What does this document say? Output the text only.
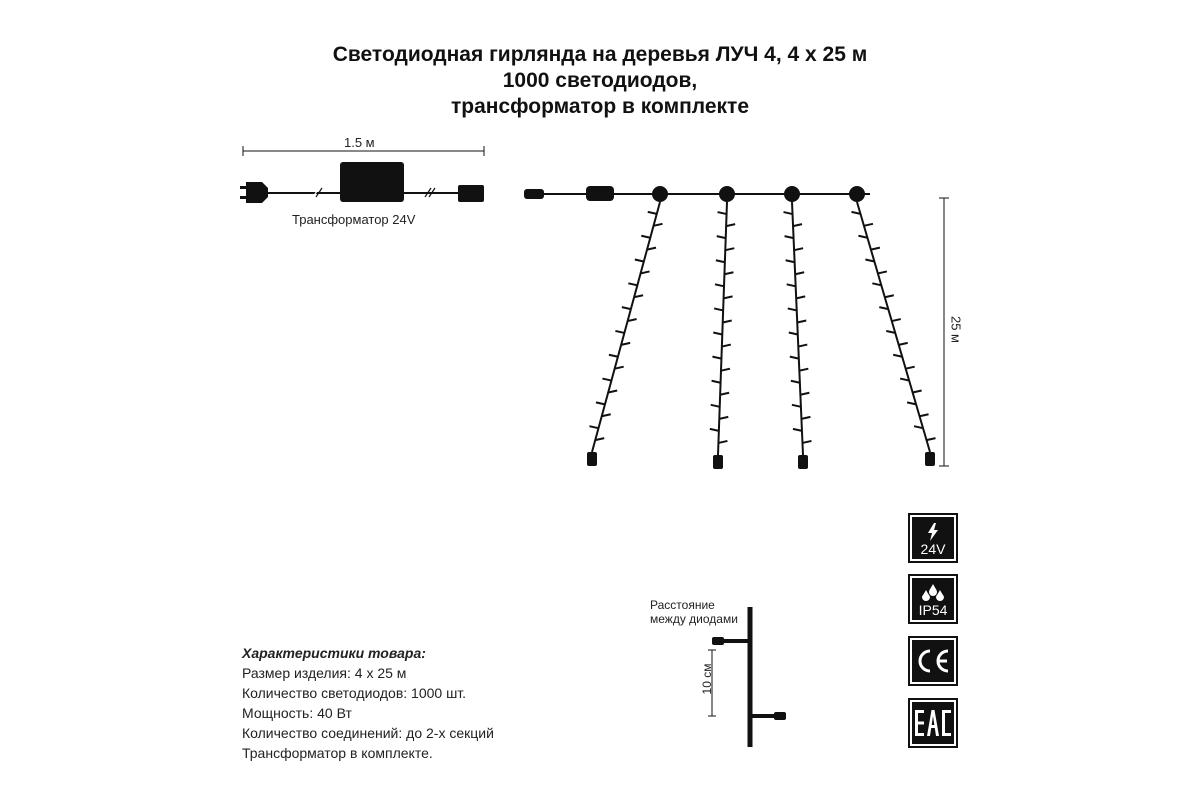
Светодиодная гирлянда на деревья ЛУЧ 4, 4 х 25 м
1000 светодиодов,
трансформатор в комплекте
1.5 м
Трансформатор 24V
25 м
Расстояние
между диодами
10 см
Характеристики товара:
Размер изделия: 4 х 25 м
Количество светодиодов: 1000 шт.
Мощность: 40 Вт
Количество соединений: до 2-х секций
Трансформатор в комплекте.
24V
IP54
